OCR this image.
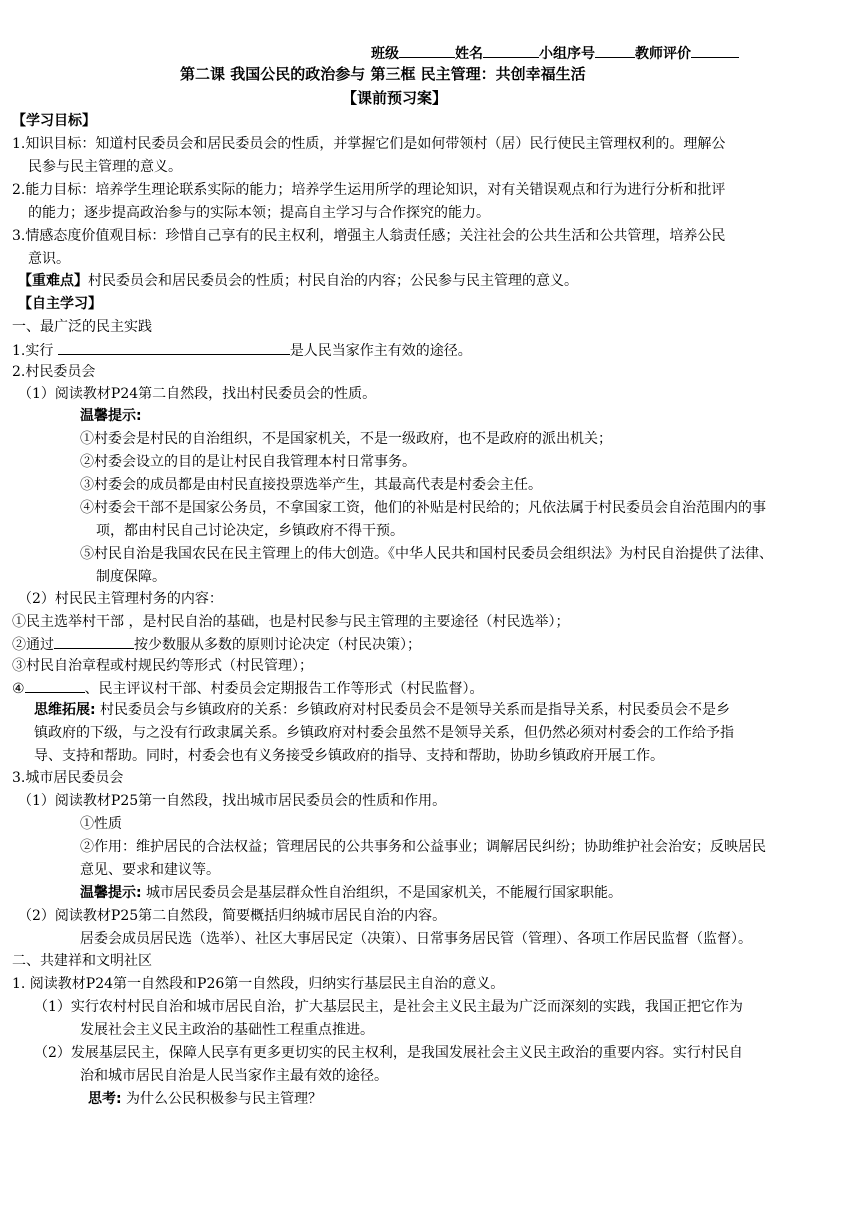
班级	姓名	小组序号	教师评价
第二课 我国公民的政治参与 第三框 民主管理：共创幸福生活
【课前预习案】
【学习目标】
1.知识目标：知道村民委员会和居民委员会的性质，并掌握它们是如何带领村（居）民行使民主管理权利的。理解公
民参与民主管理的意义。
2.能力目标：培养学生理论联系实际的能力；培养学生运用所学的理论知识，对有关错误观点和行为进行分析和批评
的能力；逐步提高政治参与的实际本领；提高自主学习与合作探究的能力。
3.情感态度价值观目标：珍惜自己享有的民主权利，增强主人翁责任感；关注社会的公共生活和公共管理，培养公民
意识。
【重难点】村民委员会和居民委员会的性质；村民自治的内容；公民参与民主管理的意义。
【自主学习】
一、最广泛的民主实践
1.实行	是人民当家作主有效的途径。
2.村民委员会
（1）阅读教材P24第二自然段，找出村民委员会的性质。
温馨提示:
①村委会是村民的自治组织，不是国家机关，不是一级政府，也不是政府的派出机关；
②村委会设立的目的是让村民自我管理本村日常事务。
③村委会的成员都是由村民直接投票选举产生，其最高代表是村委会主任。
④村委会干部不是国家公务员，不拿国家工资，他们的补贴是村民给的；凡依法属于村民委员会自治范围内的事
项，都由村民自己讨论决定，乡镇政府不得干预。
⑤村民自治是我国农民在民主管理上的伟大创造。《中华人民共和国村民委员会组织法》为村民自治提供了法律、
制度保障。
（2）村民民主管理村务的内容：
①民主选举村干部 ，是村民自治的基础，也是村民参与民主管理的主要途径（村民选举）；
②通过	按少数服从多数的原则讨论决定（村民决策）；
③村民自治章程或村规民约等形式（村民管理）；
④	、民主评议村干部、村委员会定期报告工作等形式（村民监督）。
思维拓展: 村民委员会与乡镇政府的关系：乡镇政府对村民委员会不是领导关系而是指导关系，村民委员会不是乡
镇政府的下级，与之没有行政隶属关系。乡镇政府对村委会虽然不是领导关系，但仍然必须对村委会的工作给予指
导、支持和帮助。同时，村委会也有义务接受乡镇政府的指导、支持和帮助，协助乡镇政府开展工作。
3.城市居民委员会
（1）阅读教材P25第一自然段，找出城市居民委员会的性质和作用。
①性质
②作用：维护居民的合法权益；管理居民的公共事务和公益事业；调解居民纠纷；协助维护社会治安；反映居民
意见、要求和建议等。
温馨提示: 城市居民委员会是基层群众性自治组织，不是国家机关，不能履行国家职能。
（2）阅读教材P25第二自然段，简要概括归纳城市居民自治的内容。
居委会成员居民选（选举）、社区大事居民定（决策）、日常事务居民管（管理）、各项工作居民监督（监督）。
二、共建祥和文明社区
1. 阅读教材P24第一自然段和P26第一自然段，归纳实行基层民主自治的意义。
（1）实行农村村民自治和城市居民自治，扩大基层民主，是社会主义民主最为广泛而深刻的实践，我国正把它作为
发展社会主义民主政治的基础性工程重点推进。
（2）发展基层民主，保障人民享有更多更切实的民主权利，是我国发展社会主义民主政治的重要内容。实行村民自
治和城市居民自治是人民当家作主最有效的途径。
思考: 为什么公民积极参与民主管理？
